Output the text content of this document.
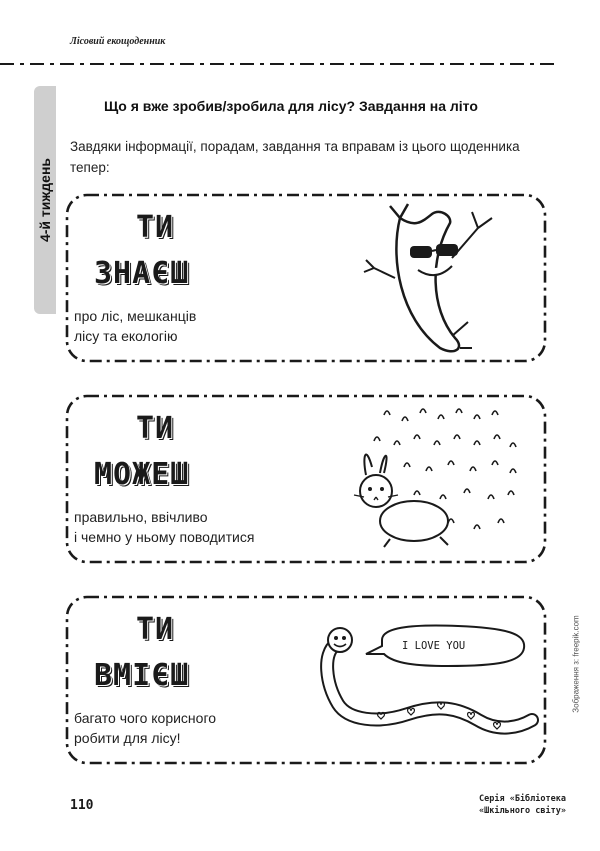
Лісовий екощоденник
4-й тиждень
Що я вже зробив/зробила для лісу? Завдання на літо
Завдяки інформації, порадам, завдання та вправам із цього щоденника тепер:
ТИ
ЗНАЄШ
про ліс, мешканців
лісу та екологію
ТИ
МОЖЕШ
правильно, ввічливо
і чемно у ньому поводитися
ТИ
ВМІЄШ
багато чого корисного
робити для лісу!
I LOVE YOU	Зображення з: freepik.com
110	Серія «Бібліотека
«Шкільного світу»
